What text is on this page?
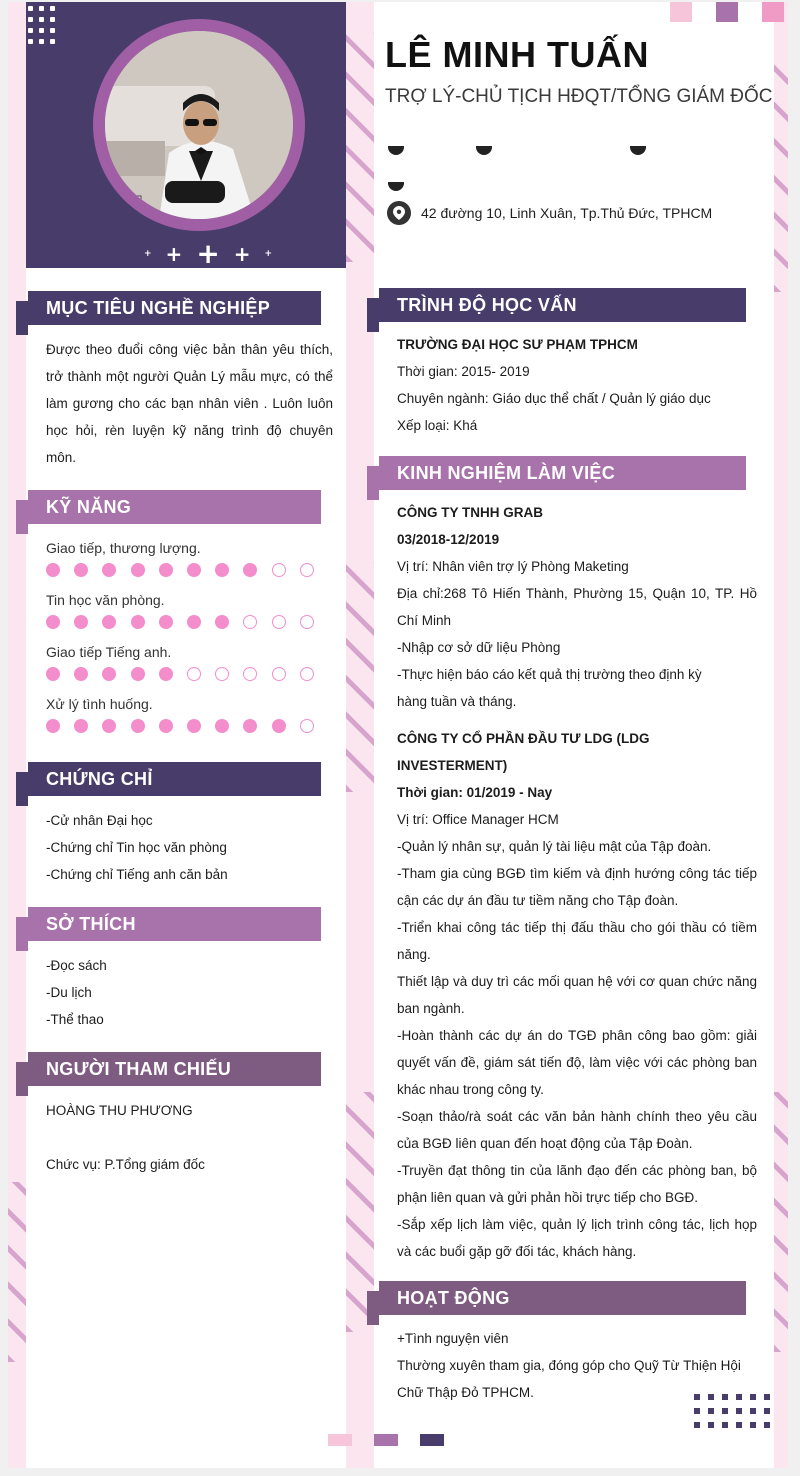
+ + + + +
LÊ MINH TUẤN
TRỢ LÝ-CHỦ TỊCH HĐQT/TỔNG GIÁM ĐỐC
42 đường 10, Linh Xuân, Tp.Thủ Đức, TPHCM
MỤC TIÊU NGHỀ NGHIỆP
Được theo đuổi công việc bản thân yêu thích, trở thành một người Quản Lý mẫu mực, có thể làm gương cho các bạn nhân viên . Luôn luôn học hỏi, rèn luyện kỹ năng trình độ chuyên môn.
KỸ NĂNG
Giao tiếp, thương lượng.
Tin học văn phòng.
Giao tiếp Tiếng anh.
Xử lý tình huống.
CHỨNG CHỈ
-Cử nhân Đại học
-Chứng chỉ Tin học văn phòng
-Chứng chỉ Tiếng anh căn bản
SỞ THÍCH
-Đọc sách
-Du lịch
-Thể thao
NGƯỜI THAM CHIẾU
HOÀNG THU PHƯƠNG
Chức vụ: P.Tổng giám đốc
TRÌNH ĐỘ HỌC VẤN
TRƯỜNG ĐẠI HỌC SƯ PHẠM TPHCM
Thời gian: 2015- 2019
Chuyên ngành: Giáo dục thể chất / Quản lý giáo dục
Xếp loại: Khá
KINH NGHIỆM LÀM VIỆC
CÔNG TY TNHH GRAB
03/2018-12/2019
Vị trí: Nhân viên trợ lý Phòng Maketing
Địa chỉ:268 Tô Hiến Thành, Phường 15, Quận 10, TP. Hồ Chí Minh
-Nhập cơ sở dữ liệu Phòng
-Thực hiện báo cáo kết quả thị trường theo định kỳ
hàng tuần và tháng.
CÔNG TY CỔ PHẦN ĐẦU TƯ LDG (LDG INVESTERMENT)
Thời gian: 01/2019 - Nay
Vị trí: Office Manager HCM
-Quản lý nhân sự, quản lý tài liệu mật của Tập đoàn.
-Tham gia cùng BGĐ tìm kiếm và định hướng công tác tiếp cận các dự án đầu tư tiềm năng cho Tập đoàn.
-Triển khai công tác tiếp thị đấu thầu cho gói thầu có tiềm năng.
Thiết lập và duy trì các mối quan hệ với cơ quan chức năng ban ngành.
-Hoàn thành các dự án do TGĐ phân công bao gồm: giải quyết vấn đề, giám sát tiến độ, làm việc với các phòng ban khác nhau trong công ty.
-Soạn thảo/rà soát các văn bản hành chính theo yêu cầu của BGĐ liên quan đến hoạt động của Tập Đoàn.
-Truyền đạt thông tin của lãnh đạo đến các phòng ban, bộ phận liên quan và gửi phản hồi trực tiếp cho BGĐ.
-Sắp xếp lịch làm việc, quản lý lịch trình công tác, lịch họp và các buổi gặp gỡ đối tác, khách hàng.
HOẠT ĐỘNG
+Tình nguyện viên
Thường xuyên tham gia, đóng góp cho Quỹ Từ Thiện Hội Chữ Thập Đỏ TPHCM.
